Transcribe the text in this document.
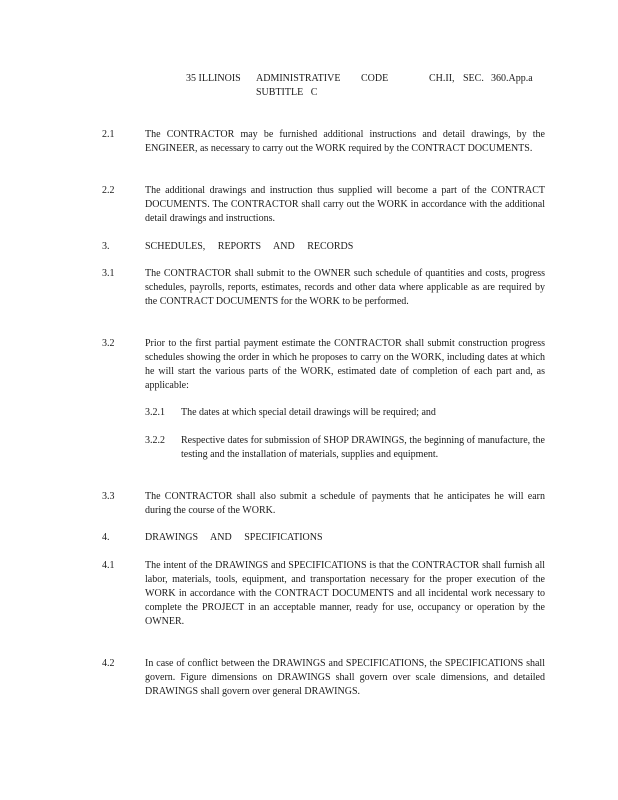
35 ILLINOIS ADMINISTRATIVE CODE	CH.II, SEC. 360.App.a
SUBTITLE   C
2.1	The CONTRACTOR may be furnished additional instructions and detail drawings, by the ENGINEER, as necessary to carry out the WORK required by the CONTRACT DOCUMENTS.
2.2	The additional drawings and instruction thus supplied will become a part of the CONTRACT DOCUMENTS. The CONTRACTOR shall carry out the WORK in accordance with the additional detail drawings and instructions.
3.	SCHEDULES, REPORTS AND RECORDS
3.1	The CONTRACTOR shall submit to the OWNER such schedule of quantities and costs, progress schedules, payrolls, reports, estimates, records and other data where applicable as are required by the CONTRACT DOCUMENTS for the WORK to be performed.
3.2	Prior to the first partial payment estimate the CONTRACTOR shall submit construction progress schedules showing the order in which he proposes to carry on the WORK, including dates at which he will start the various parts of the WORK, estimated date of completion of each part and, as applicable:
3.2.1	The dates at which special detail drawings will be required; and
3.2.2	Respective dates for submission of SHOP DRAWINGS, the beginning of manufacture, the testing and the installation of materials, supplies and equipment.
3.3	The CONTRACTOR shall also submit a schedule of payments that he anticipates he will earn during the course of the WORK.
4.	DRAWINGS AND SPECIFICATIONS
4.1	The intent of the DRAWINGS and SPECIFICATIONS is that the CONTRACTOR shall furnish all labor, materials, tools, equipment, and transportation necessary for the proper execution of the WORK in accordance with the CONTRACT DOCUMENTS and all incidental work necessary to complete the PROJECT in an acceptable manner, ready for use, occupancy or operation by the OWNER.
4.2	In case of conflict between the DRAWINGS and SPECIFICATIONS, the SPECIFICATIONS shall govern. Figure dimensions on DRAWINGS shall govern over scale dimensions, and detailed DRAWINGS shall govern over general DRAWINGS.
